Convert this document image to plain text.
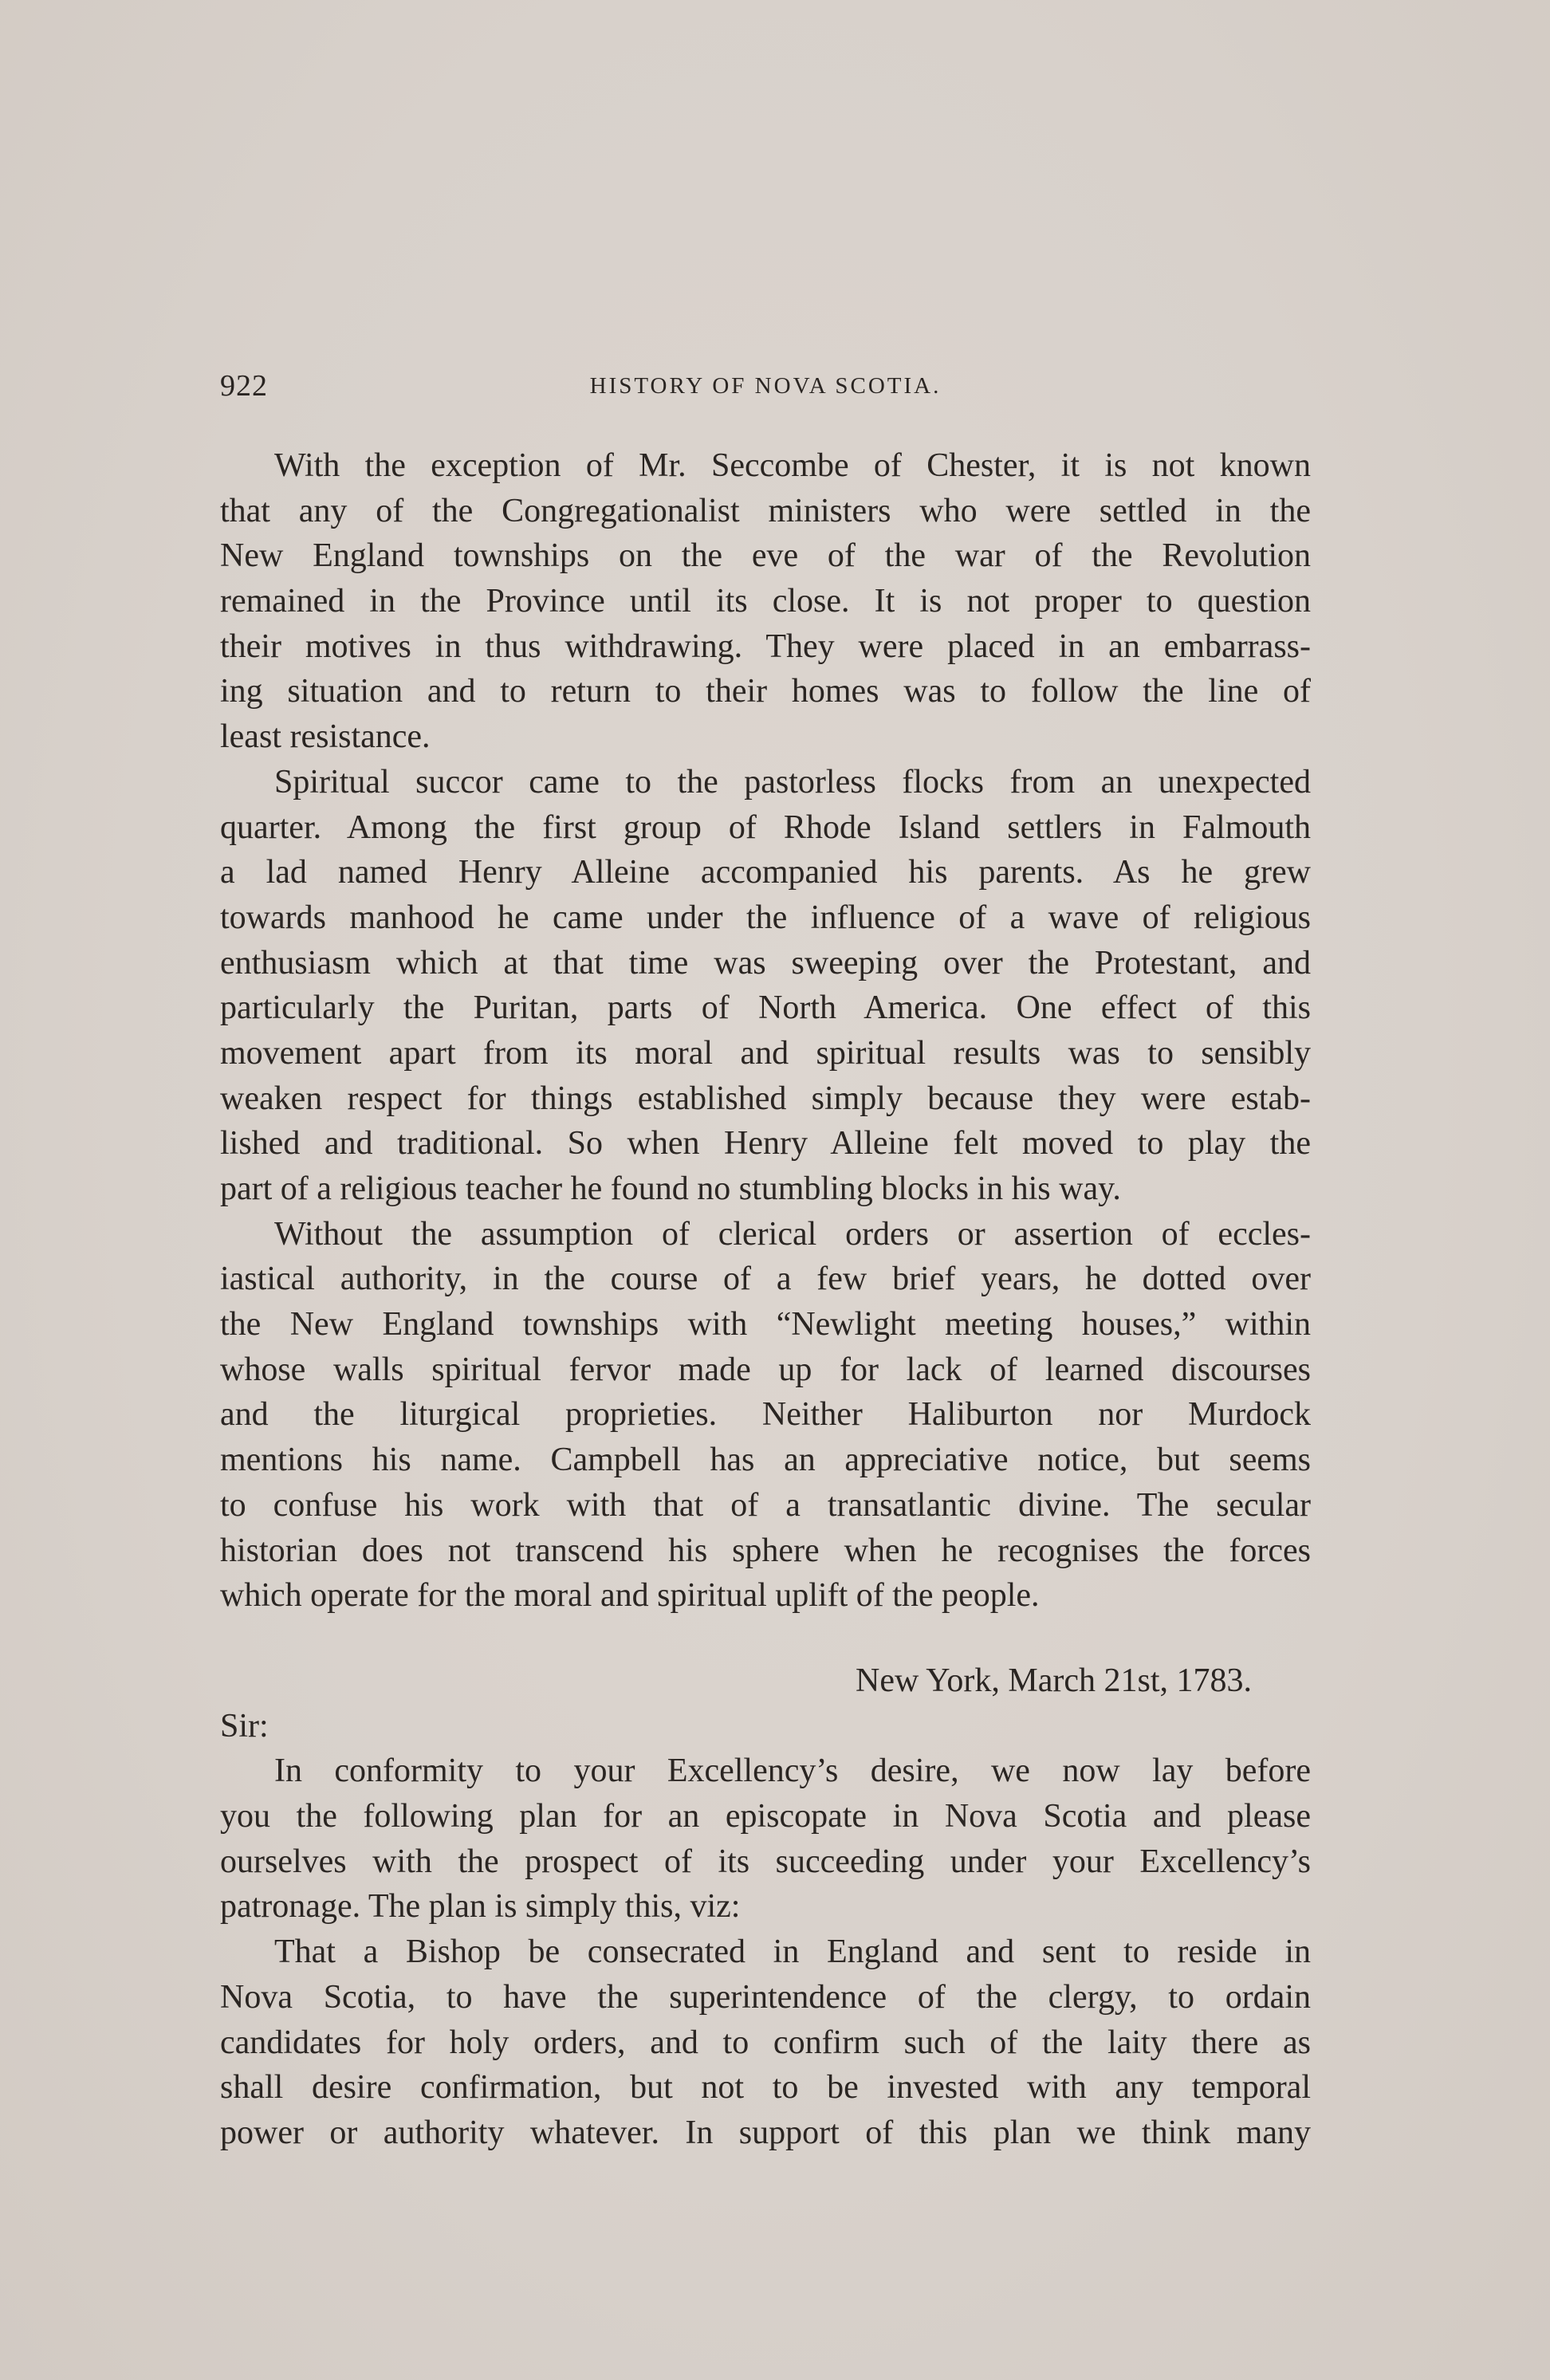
922	HISTORY OF NOVA SCOTIA.
With the exception of Mr. Seccombe of Chester, it is not known
that any of the Congregationalist ministers who were settled in the
New England townships on the eve of the war of the Revolution
remained in the Province until its close. It is not proper to question
their motives in thus withdrawing. They were placed in an embarrass-
ing situation and to return to their homes was to follow the line of
least resistance.
Spiritual succor came to the pastorless flocks from an unexpected
quarter. Among the first group of Rhode Island settlers in Falmouth
a lad named Henry Alleine accompanied his parents. As he grew
towards manhood he came under the influence of a wave of religious
enthusiasm which at that time was sweeping over the Protestant, and
particularly the Puritan, parts of North America. One effect of this
movement apart from its moral and spiritual results was to sensibly
weaken respect for things established simply because they were estab-
lished and traditional. So when Henry Alleine felt moved to play the
part of a religious teacher he found no stumbling blocks in his way.
Without the assumption of clerical orders or assertion of eccles-
iastical authority, in the course of a few brief years, he dotted over
the New England townships with “Newlight meeting houses,” within
whose walls spiritual fervor made up for lack of learned discourses
and the liturgical proprieties. Neither Haliburton nor Murdock
mentions his name. Campbell has an appreciative notice, but seems
to confuse his work with that of a transatlantic divine. The secular
historian does not transcend his sphere when he recognises the forces
which operate for the moral and spiritual uplift of the people.
New York, March 21st, 1783.
Sir:
In conformity to your Excellency’s desire, we now lay before
you the following plan for an episcopate in Nova Scotia and please
ourselves with the prospect of its succeeding under your Excellency’s
patronage. The plan is simply this, viz:
That a Bishop be consecrated in England and sent to reside in
Nova Scotia, to have the superintendence of the clergy, to ordain
candidates for holy orders, and to confirm such of the laity there as
shall desire confirmation, but not to be invested with any temporal
power or authority whatever. In support of this plan we think many
